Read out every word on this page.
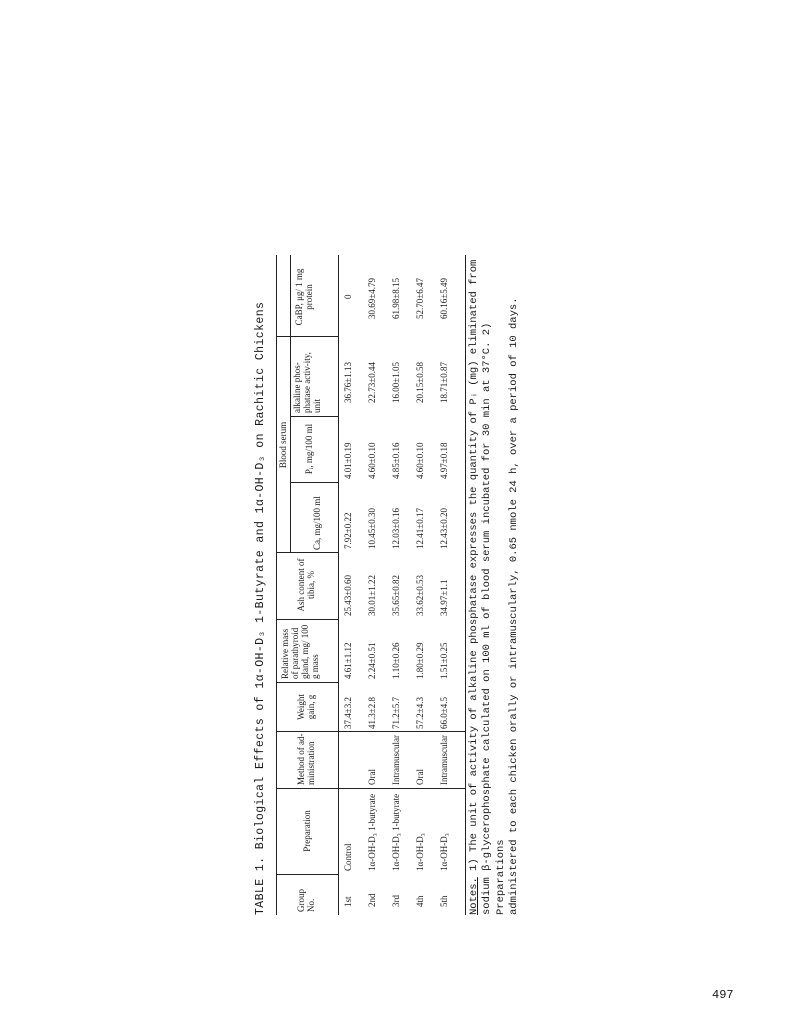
TABLE 1. Biological Effects of 1α-OH-D₃ 1-Butyrate and 1α-OH-D₃ on Rachitic Chickens	Group No.
Preparation
Method of ad-ministration
Weight gain, g
Relative mass of parathyroid gland, mg/ 100 g mass
Ash content of tibia, %
Blood serum
Ca, mg/100 ml
Pᵢ, mg/100 ml
alkaline phos-phatase activ-ity, unit
CaBP, μg/ 1 mg protein
1st
Control
37.4±3.2
4.61±1.12
25.43±0.60
7.92±0.22
4.01±0.19
36.76±1.13
0
2nd
1α-OH-D₃ 1-butyrate
Oral
41.3±2.8
2.24±0.51
30.01±1.22
10.45±0.30
4.60±0.10
22.73±0.44
30.69±4.79
3rd
1α-OH-D₃ 1-butyrate
Intramuscular
71.2±5.7
1.10±0.26
35.65±0.82
12.03±0.16
4.85±0.16
16.00±1.05
61.98±8.15
4th
1α-OH-D₃
Oral
57.2±4.3
1.80±0.29
33.62±0.53
12.41±0.17
4.60±0.10
20.15±0.58
52.70±6.47
5th
1α-OH-D₃
Intramuscular
66.0±4.5
1.51±0.25
34.97±1.1
12.43±0.20
4.97±0.18
18.71±0.87
60.16±5.49

Notes. 1) The unit of activity of alkaline phosphatase expresses the quantity of Pᵢ (mg) eliminated from sodium β-glycerophosphate calculated on 100 ml of blood serum incubated for 30 min at 37°C. 2) Preparations administered to each chicken orally or intramuscularly, 0.65 nmole 24 h, over a period of 10 days.

497
